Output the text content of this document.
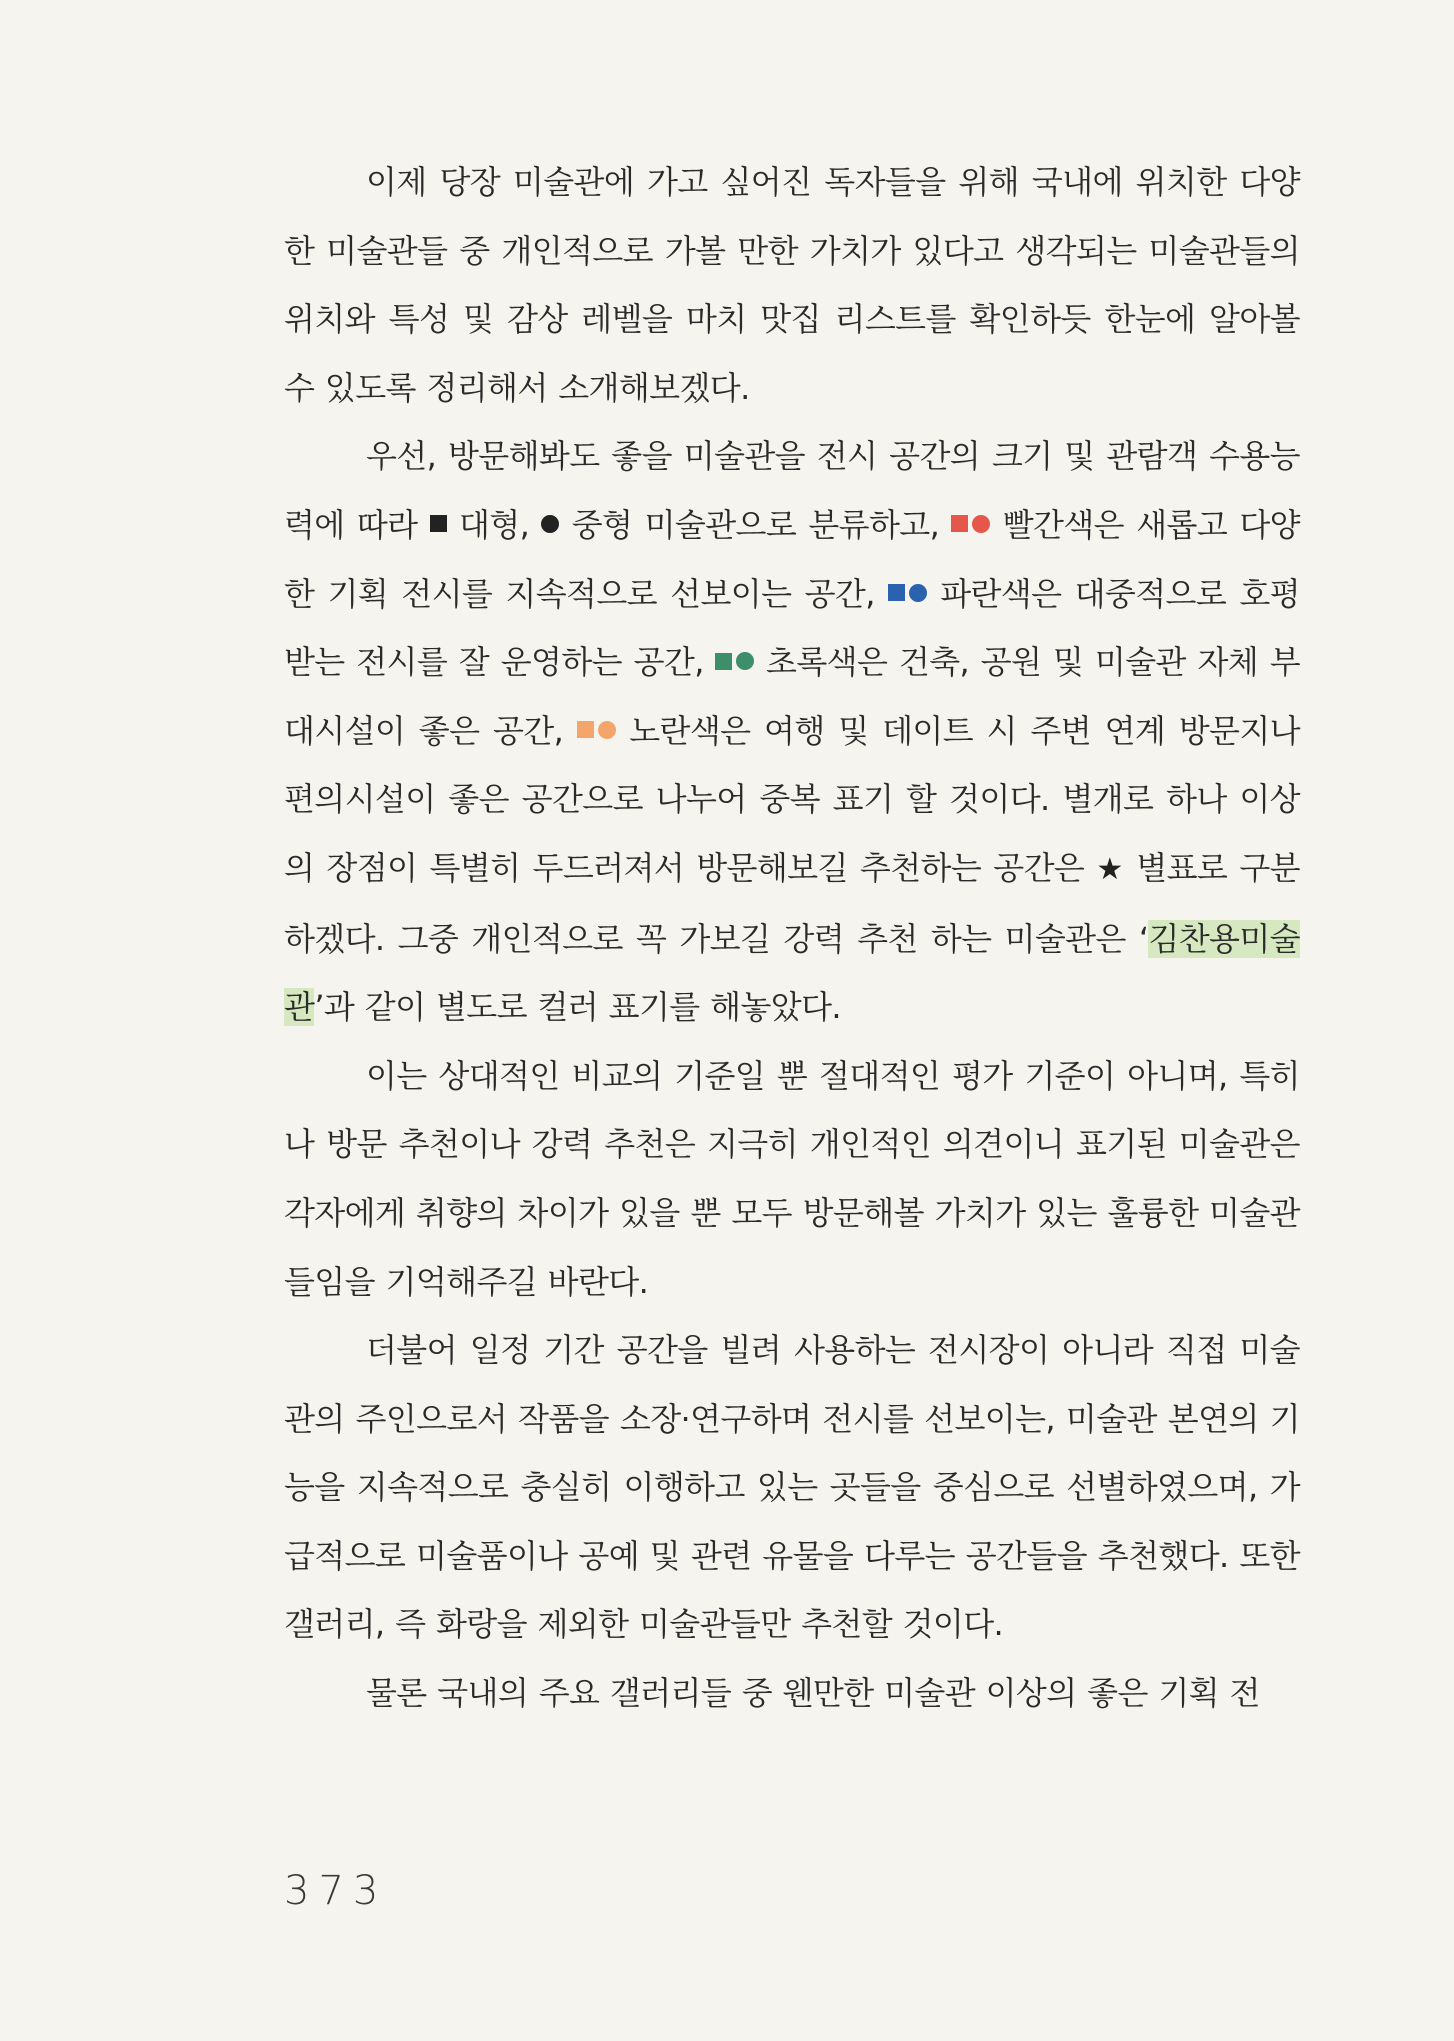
이제 당장 미술관에 가고 싶어진 독자들을 위해 국내에 위치한 다양한 미술관들 중 개인적으로 가볼 만한 가치가 있다고 생각되는 미술관들의 위치와 특성 및 감상 레벨을 마치 맛집 리스트를 확인하듯 한눈에 알아볼 수 있도록 정리해서 소개해보겠다.

우선, 방문해봐도 좋을 미술관을 전시 공간의 크기 및 관람객 수용능력에 따라 대형, 중형 미술관으로 분류하고, 빨간색은 새롭고 다양한 기획 전시를 지속적으로 선보이는 공간, 파란색은 대중적으로 호평받는 전시를 잘 운영하는 공간, 초록색은 건축, 공원 및 미술관 자체 부대시설이 좋은 공간, 노란색은 여행 및 데이트 시 주변 연계 방문지나 편의시설이 좋은 공간으로 나누어 중복 표기 할 것이다. 별개로 하나 이상의 장점이 특별히 두드러져서 방문해보길 추천하는 공간은 ★ 별표로 구분하겠다. 그중 개인적으로 꼭 가보길 강력 추천 하는 미술관은 ‘김찬용미술관’과 같이 별도로 컬러 표기를 해놓았다.

이는 상대적인 비교의 기준일 뿐 절대적인 평가 기준이 아니며, 특히나 방문 추천이나 강력 추천은 지극히 개인적인 의견이니 표기된 미술관은 각자에게 취향의 차이가 있을 뿐 모두 방문해볼 가치가 있는 훌륭한 미술관들임을 기억해주길 바란다.

더불어 일정 기간 공간을 빌려 사용하는 전시장이 아니라 직접 미술관의 주인으로서 작품을 소장·연구하며 전시를 선보이는, 미술관 본연의 기능을 지속적으로 충실히 이행하고 있는 곳들을 중심으로 선별하였으며, 가급적으로 미술품이나 공예 및 관련 유물을 다루는 공간들을 추천했다. 또한 갤러리, 즉 화랑을 제외한 미술관들만 추천할 것이다.

물론 국내의 주요 갤러리들 중 웬만한 미술관 이상의 좋은 기획 전

373
